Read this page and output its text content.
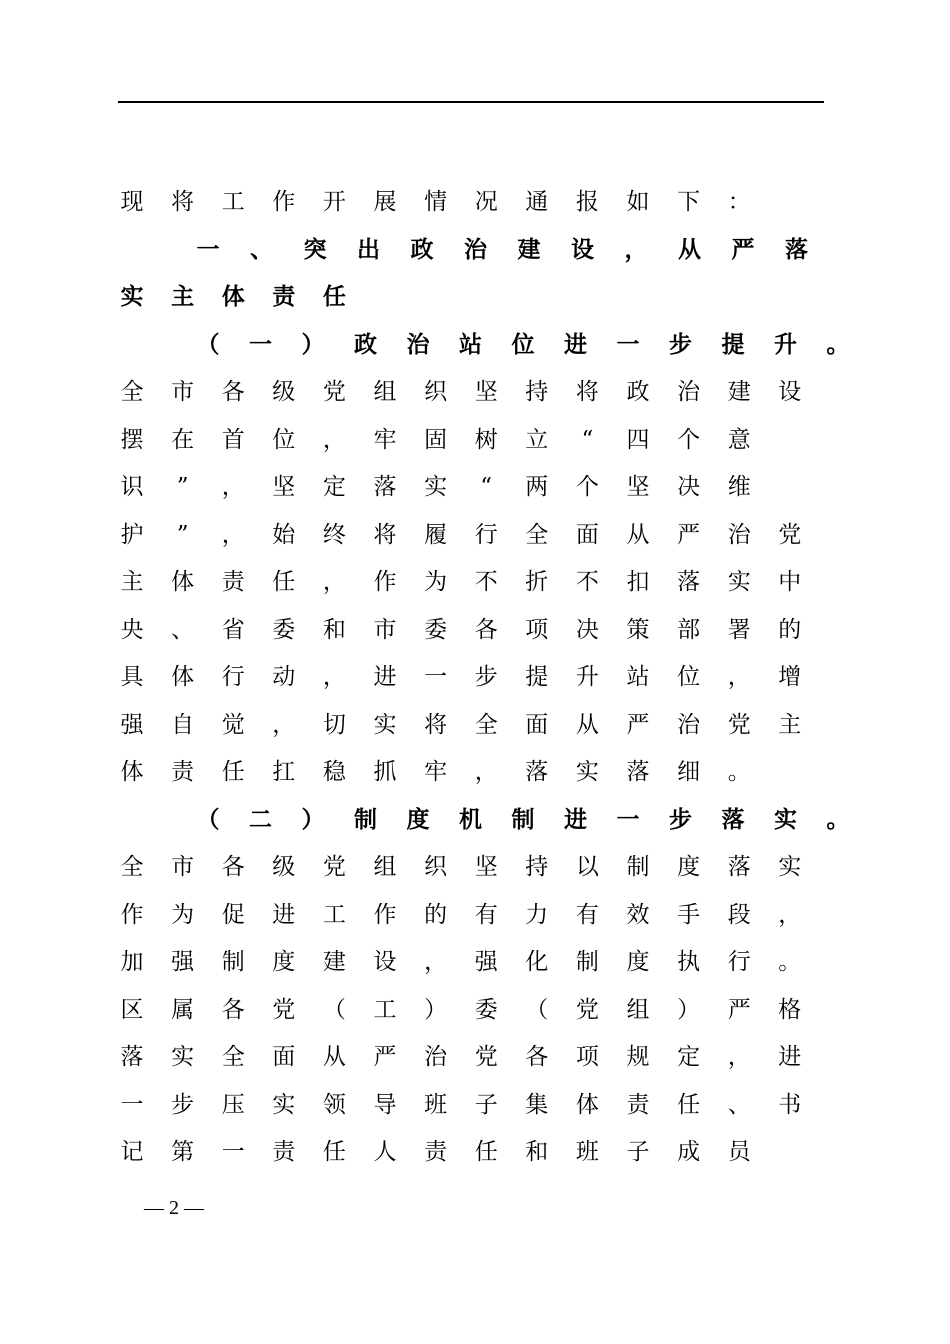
现 将 工 作 开 展 情 况 通 报 如 下 ：
一 、 突 出 政 治 建 设 ， 从 严 落
实 主 体 责 任
（ 一 ） 政 治 站 位 进 一 步 提 升 。
全 市 各 级 党 组 织 坚 持 将 政 治 建 设
摆 在 首 位 ， 牢 固 树 立 “ 四 个 意
识 ” ， 坚 定 落 实 “ 两 个 坚 决 维
护 ” ， 始 终 将 履 行 全 面 从 严 治 党
主 体 责 任 ， 作 为 不 折 不 扣 落 实 中
央 、 省 委 和 市 委 各 项 决 策 部 署 的
具 体 行 动 ， 进 一 步 提 升 站 位 ， 增
强 自 觉 ， 切 实 将 全 面 从 严 治 党 主
体 责 任 扛 稳 抓 牢 ， 落 实 落 细 。
（ 二 ） 制 度 机 制 进 一 步 落 实 。
全 市 各 级 党 组 织 坚 持 以 制 度 落 实
作 为 促 进 工 作 的 有 力 有 效 手 段 ，
加 强 制 度 建 设 ， 强 化 制 度 执 行 。
区 属 各 党 （ 工 ） 委 （ 党 组 ） 严 格
落 实 全 面 从 严 治 党 各 项 规 定 ， 进
一 步 压 实 领 导 班 子 集 体 责 任 、 书
记 第 一 责 任 人 责 任 和 班 子 成 员
— 2 —
